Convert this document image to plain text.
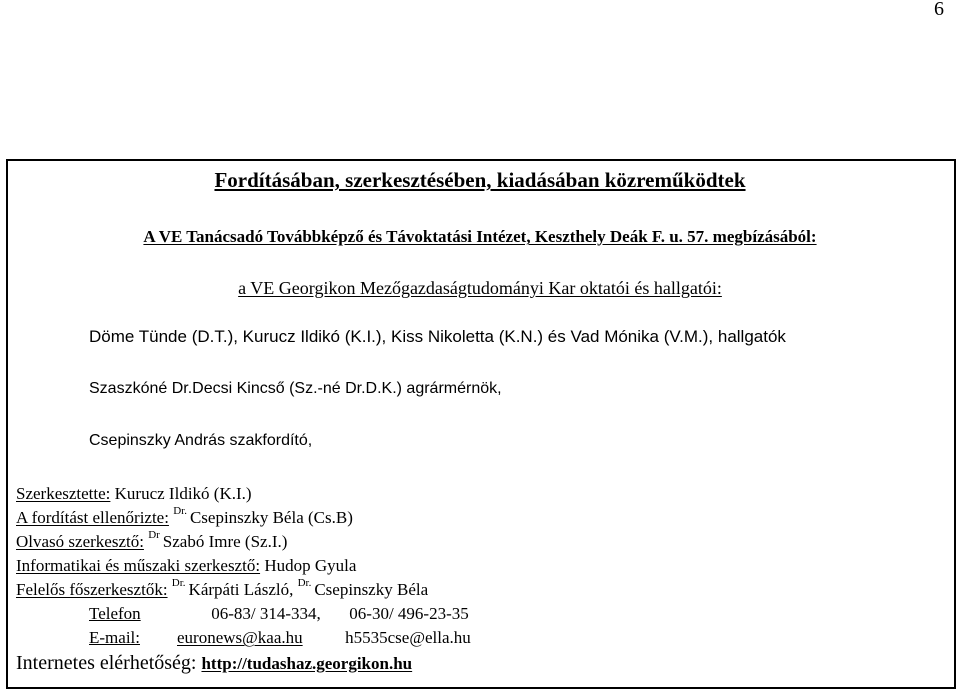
6
Fordításában, szerkesztésében, kiadásában közreműködtek
A VE Tanácsadó Továbbképző és Távoktatási Intézet, Keszthely Deák F. u. 57. megbízásából:
a VE Georgikon Mezőgazdaságtudományi Kar oktatói és hallgatói:
Döme Tünde (D.T.), Kurucz Ildikó (K.I.), Kiss Nikoletta (K.N.) és Vad Mónika (V.M.), hallgatók
Szaszkóné Dr.Decsi Kincső (Sz.-né Dr.D.K.) agrármérnök,
Csepinszky András szakfordító,
Szerkesztette: Kurucz Ildikó (K.I.)
A fordítást ellenőrizte: $^{Dr.}$ Csepinszky Béla (Cs.B)
Olvasó szerkesztő: $^{Dr}$ Szabó Imre (Sz.I.)
Informatikai és műszaki szerkesztő: Hudop Gyula
Felelős főszerkesztők: $^{Dr.}$ Kárpáti László, $^{Dr.}$ Csepinszky Béla
Telefon	06-83/ 314-334, 06-30/ 496-23-35
E-mail: euronews@kaa.hu	h5535cse@ella.hu
Internetes elérhetőség: http://tudashaz.georgikon.hu
